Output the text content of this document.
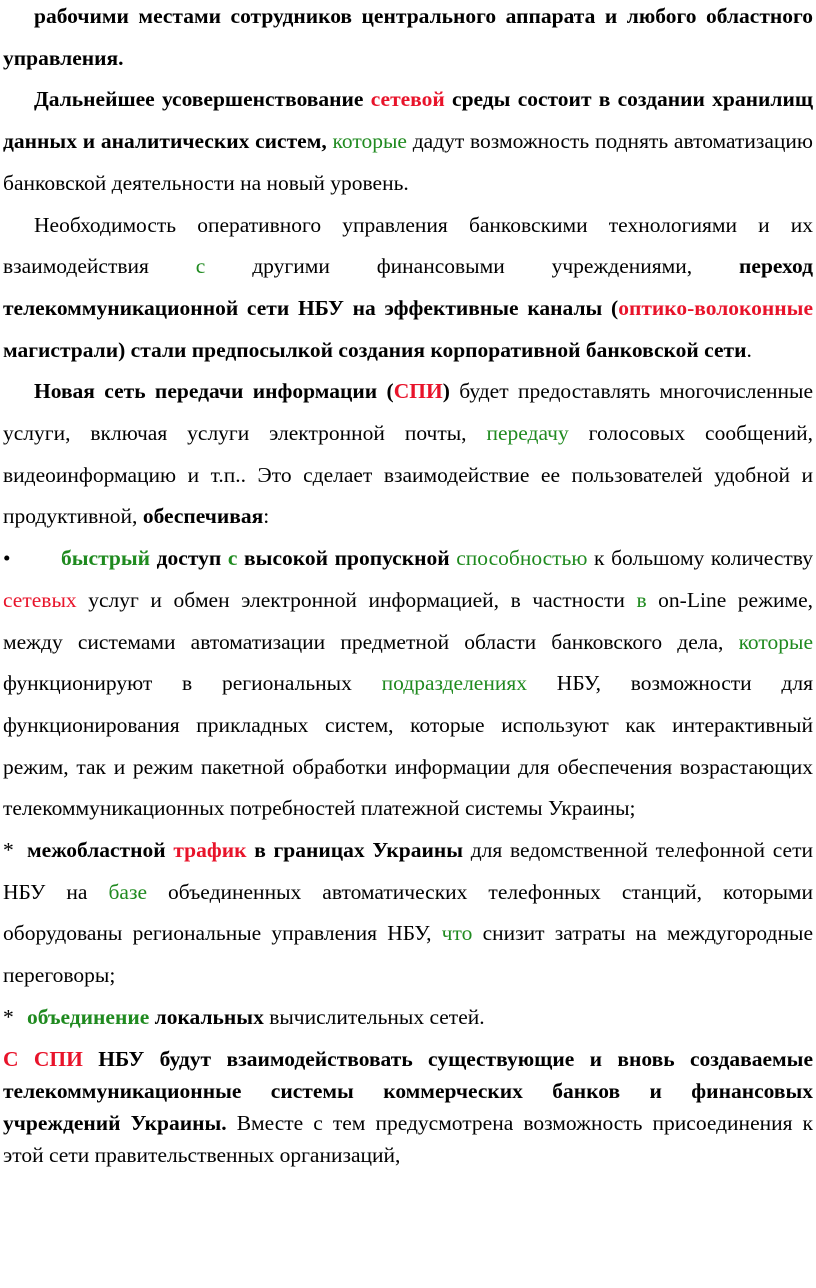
рабочими местами сотрудников центрального аппарата и любого областного управления.

Дальнейшее усовершенствование сетевой среды состоит в создании хранилищ данных и аналитических систем, которые дадут возможность поднять автоматизацию банковской деятельности на новый уровень.

Необходимость оперативного управления банковскими технологиями и их взаимодействия с другими финансовыми учреждениями, переход телекоммуникационной сети НБУ на эффективные каналы (оптико-волоконные магистрали) стали предпосылкой создания корпоративной банковской сети.

Новая сеть передачи информации (СПИ) будет предоставлять многочисленные услуги, включая услуги электронной почты, передачу голосовых сообщений, видеоинформацию и т.п.. Это сделает взаимодействие ее пользователей удобной и продуктивной, обеспечивая:

• быстрый доступ с высокой пропускной способностью к большому количеству сетевых услуг и обмен электронной информацией, в частности в on-Line режиме, между системами автоматизации предметной области банковского дела, которые функционируют в региональных подразделениях НБУ, возможности для функционирования прикладных систем, которые используют как интерактивный режим, так и режим пакетной обработки информации для обеспечения возрастающих телекоммуникационных потребностей платежной системы Украины;

* межобластной трафик в границах Украины для ведомственной телефонной сети НБУ на базе объединенных автоматических телефонных станций, которыми оборудованы региональные управления НБУ, что снизит затраты на междугородные переговоры;

* объединение локальных вычислительных сетей.

С СПИ НБУ будут взаимодействовать существующие и вновь создаваемые телекоммуникационные системы коммерческих банков и финансовых учреждений Украины. Вместе с тем предусмотрена возможность присоединения к этой сети правительственных организаций,
